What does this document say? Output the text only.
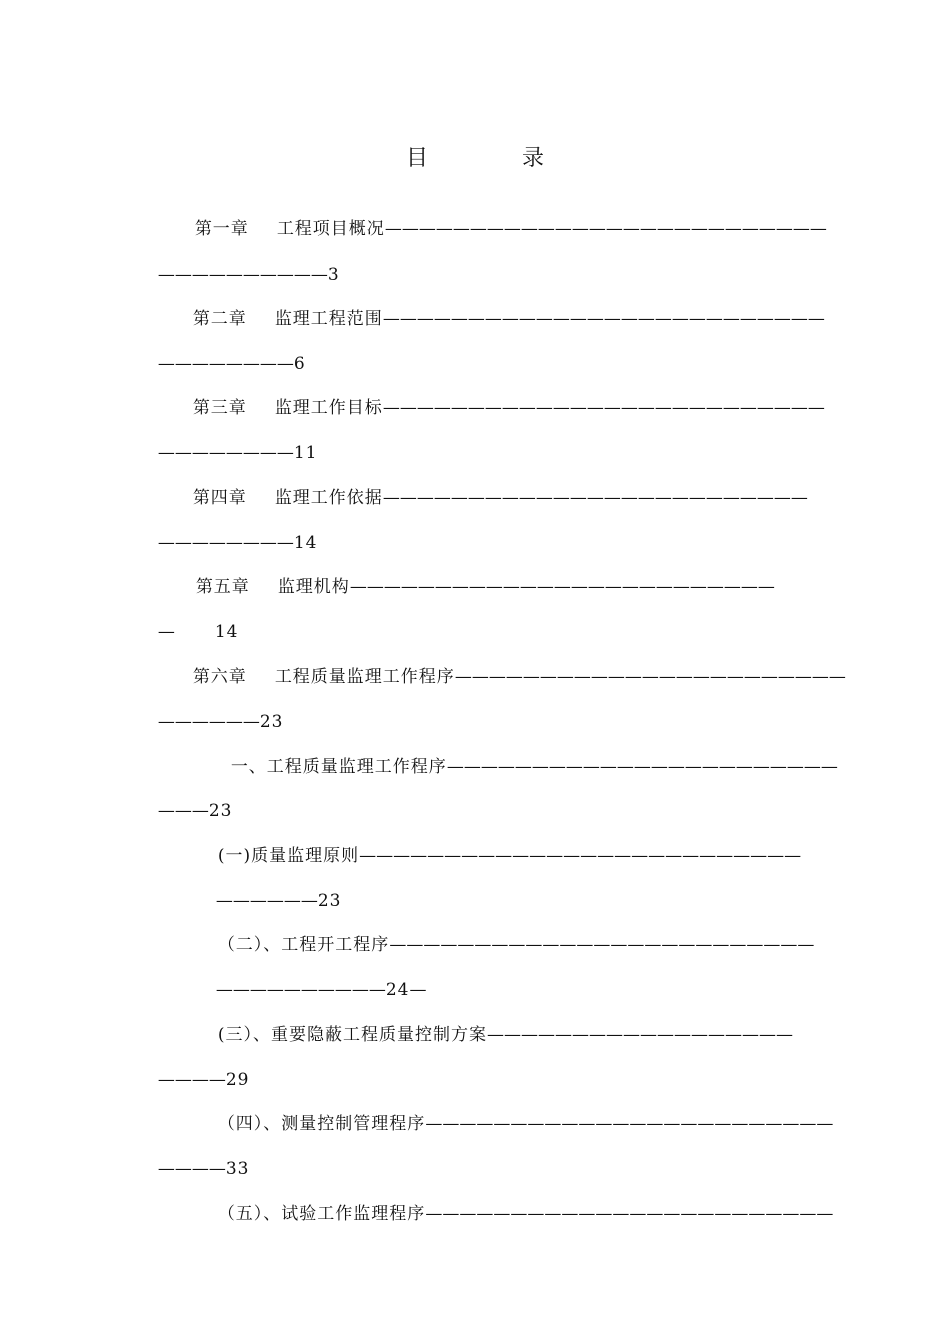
目　录

第一章 工程项目概况——————————————————————————

——————————3

第二章 监理工程范围——————————————————————————

————————6

第三章 监理工作目标——————————————————————————

————————11

第四章 监理工作依据—————————————————————————

————————14

第五章 监理机构—————————————————————————

— 14

第六章 工程质量监理工作程序———————————————————————

——————23

一、工程质量监理工作程序———————————————————————

———23

(一)质量监理原则——————————————————————————

——————23

（二）、工程开工程序—————————————————————————

——————————24—

(三）、重要隐蔽工程质量控制方案——————————————————

————29

（四）、测量控制管理程序————————————————————————

————33

（五）、试验工作监理程序————————————————————————
